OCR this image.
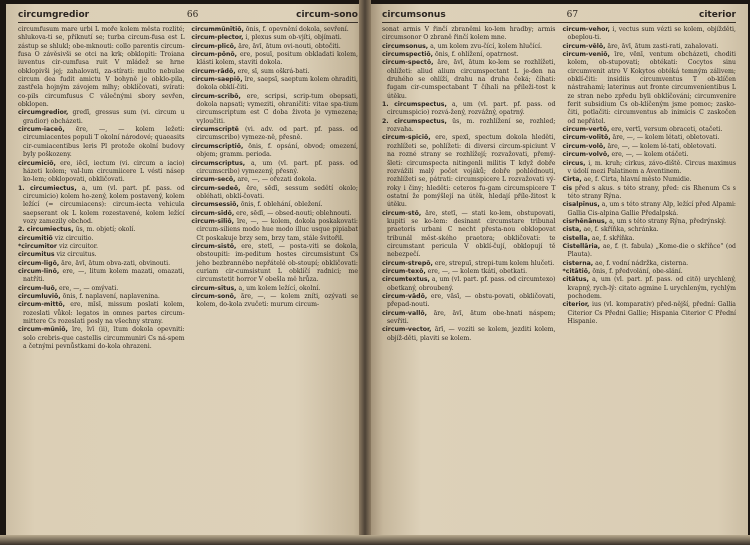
circumgredior	66	circum-sono

circumfusum mare urbi L moře kolem města rozlité; shlukova-ti se, přiknutí se; turba circum-fusa est L zástup se shlukl; obe-mknouti: collo parentis circum-fusa O závěsivši se otci na krk; obklopiti: Troiana iuventus cir-cumfusa ruit V mládež se hrne obklopivši jej; zahalovati, za-stírati: multo nebulae circum dea fudit amictu V bohyně je obklo-pila, zastřela hojným závojem mlhy; obklíčovati, svírati: co-pils circumfusus C válečnými sbory sevřen, obklopen.

circumgredior, gredī, gressus sum (vi. circum u gradior) obcházeti.

circum-iaceō, ēre, —, — kolem ležeti: circumiacentes populi T okolní národové; quaeasits cir-cumiacentibus leris Pl protože okolní budovy byly poškozeny.

circumiciō, ere, iēcī, iectum (vi. circum a iacio) házeti kolem; val-lum circumiicere L vésti násep ko-lem; obklopovati, obkličovati.

1. circumiectus, a, um (vl. part. pf. pass. od circumicio) kolem ho-zený, kolem postavený, kolem ležící (= circumiacens): circum-iecta vehicula saepserant ok L kolem rozestavené, kolem ležící vozy zamezily obchod.

2. circumiectus, ūs, m. objetí; okolí.

circumitiō viz circuitio.

*circumitor viz circuitor.

circumitus viz circuitus.

circum-ligō, āre, āvī, ātum obva-zati, obvinouti.

circum-linō, ere, —, litum kolem mazati, omazati, natříti.

circum-luō, ere, —, — omývati.

circumluviō, ōnis, f. naplavení, naplavenina.

circum-mittō, ere, mīsī, missum poslati kolem, rozeslati vůkol: legatos in omnes partes circum-mittere Cs rozeslati posly na všechny strany.

circum-mūniō, īre, īvī (ii), ītum dokola opevniti: solo crebris-que castellis circummuniri Cs ná-spem a četnými pevnůstkami do-kola ohrazeni.

circummūnītiō, ōnis, f. opevnění dokola, sevření.

circum-plector, i, plexus sum ob-vjíti, objímati.

circum-plicō, āre, āvī, ātum ovi-nouti, obtočiti.

circum-pōnō, ere, posuī, positum obkladati kolem, klásti kolem, staviti dokola.

circum-rādō, ere, sī, sum oškrá-bati.

circum-saepiō, īre, saepsī, saeptum kolem ohraditi, dokola obklí-čiti.

circum-scribō, ere, scripsi, scrip-tum obepsati, dokola napsati; vymeziti, ohraničiti: vitae spa-tium circumscriptum est C doba života je vymezena; vyloučiti.

circumscriptē (vi. adv. od part. pf. pass. od circumscribo) vymeze-ně, přesně.

circumscriptiō, ōnis, f. opsání, obvod; omezení, objem; gramm. perioda.

circumscriptus, a, um (vl. part. pf. pass. od circumscribo) vymezený, přesný.

circum-secō, are, —, — ořezati dokola.

circum-sedeō, ēre, sēdī, sessum sedětí okolo; obléhati, obklí-čovati.

circumsessiō, ōnis, f. oblehání, obležení.

circum-sīdō, ere, sēdī, — obsed-nouti; oblehnouti.

circum-siliō, īre, —, — kolem, dokola poskakovati: circum-siliens modo hue modo illuc usque pipiabat Ct poskakuje brzy sem, brzy tam, stále švitořil.

circum-sistō, ere, stetī, — posta-viti se dokola, obstoupiti: im-peditum hostes circumsistunt Cs jeho bezbrannébo nepřátelé ob-stoupí; obkličovati: curiam cir-cumsistunt L obklíčí radnici; me circumstetit horror V obešla mě hrůza.

circum-situs, a, um kolem ležící, okolní.

circum-sonō, āre, —, — kolem zníti, ozývati se kolem, do-kola zvučeti: murum circum-

circumsonus	67	citerior

sonat armis V řinčí zbraněmi ko-lem hradby; armis circumsonor O zbraně řinčí kolem mne.

circumsonus, a, um kolem zvu-čící, kolem hlučící.

circumspectiō, ōnis, f. ohlížení, opatrnost.

circum-spectō, āre, āvī, ātum ko-lem se rozhlížeti, ohlížeti: aliud alium circumspectant L je-den na druhého se ohlíží, drahu na druha čeká; číhati: fugam cir-cumspectabant T číhali na příleži-tost k útěku.

1. circumspectus, a, um (vl. part. pf. pass. od circumspicio) rozvá-žený, rozvážný, opatrný.

2. circumspectus, ūs, m. rozhlížení se, rozhled; rozvaha.

circum-spiciō, ere, spexī, spectum dokola hleděti, rozhlížeti se, pohlížeti: di diversi circum-spiciunt V na rozné strany se rozhlížejí; rozvažovati, přemý-šleti: circumspecta nitingenli militis T když dobře rozvážili malý počet vojáků; dobře pohlédnouti, rozhlížeti se, pátrati: circumspicere L rozvažovati vý-roky i činy; hleděti: ceteros fu-gam circumspicere T ostatní že pomýšlejí na útěk, hledají příle-žitost k útěku.

circum-stō, āre, stetī, — stati ko-lem, obstupovati, kupiti se ko-lem: desinant circumstare tribunal praetoris urbani C necht přesta-nou obklopovat tribunál měst-ského praetora; obkličovati: te circumstant pericula V obklí-čují, obklopují tě nebezpečí.

circum-strepō, ere, strepuī, strepi-tum kolem hlučeti.

circum-texō, ere, —, — kolem tkáti, obetkati.

circumtextus, a, um (vl. part. pf. pass. od circumtexo) obetkaný, obroubený.

circum-vādō, ere, vāsī, — obstu-povati, obkličovati, přepad-nouti.

circum-vallō, āre, āvī, ātum obe-hnati náspem; sevřiti.

circum-vector, ārī, — voziti se kolem, jezditi kolem, objíž-děti, plaviti se kolem.

circum-vehor, i, vectus sum vézti se kolem, objížděti, obeplou-ti.

circum-vēlō, āre, āvī, ātum zasti-rati, zahalovati.

circum-veniō, īre, vēnī, ventum obcházeti, choditi kolem, ob-stupovati; obtékati: Cocytos sinu circumvenit atro V Kokytos obtéká temným zálivem; obklí-čiti: insidiis circumventus T ob-klíčen nástrahami; laterinus aut fronte circumvenientibus L ze stran nebo zpředu byli obklíčováni; circumvenire ferit subsidium Cs ob-klíčeným jsme pomoc; zasko-čiti, potlačiti: circumventus ab inimicis C zaskočen od nepřátel.

circum-vertō, ere, vertī, versum obraceti, otačeti.

circum-volitō, āre, —, — kolem létati, obletovati.

circum-volō, āre, —, — kolem lé-tati, obletovati.

circum-volvō, ere, —, — kolem otáčeti.

circus, i, m. kruh; cirkus, závo-diště. Circus maximus v údolí mezi Palatinem a Aventinem.

Cirta, ae, f. Cirta, hlavní město Numidie.

cis před s akus. s této strany, před: cis Rhenum Cs s této strany Rýna.

cisalpīnus, a, um s této strany Alp, ležící před Alpami: Gallia Cis-alpina Gallie Předalpská.

cisrhēnānus, a, um s této strany Rýna, předrýnský.

cista, ae, f. skříňka, schránka.

cistella, ae, f. skříňka.

Cistellāria, ae, f. (t. fabula) „Kome-die o skříňce" (od Plauta).

cisterna, ae, f. vodní nádržka, cisterna.

*citātiō, ōnis, f. předvolání, obe-slání.

citātus, a, um (vl. part. pf. pass. od citō) urychlený, kvapný, rych-lý: citato agmine L urychleným, rychlým pochodem.

citerior, ius (vl. komparativ) před-nější, přední: Gallia Citerior Cs Předni Gallie; Hispania Citerior C Přední Hispanie.
